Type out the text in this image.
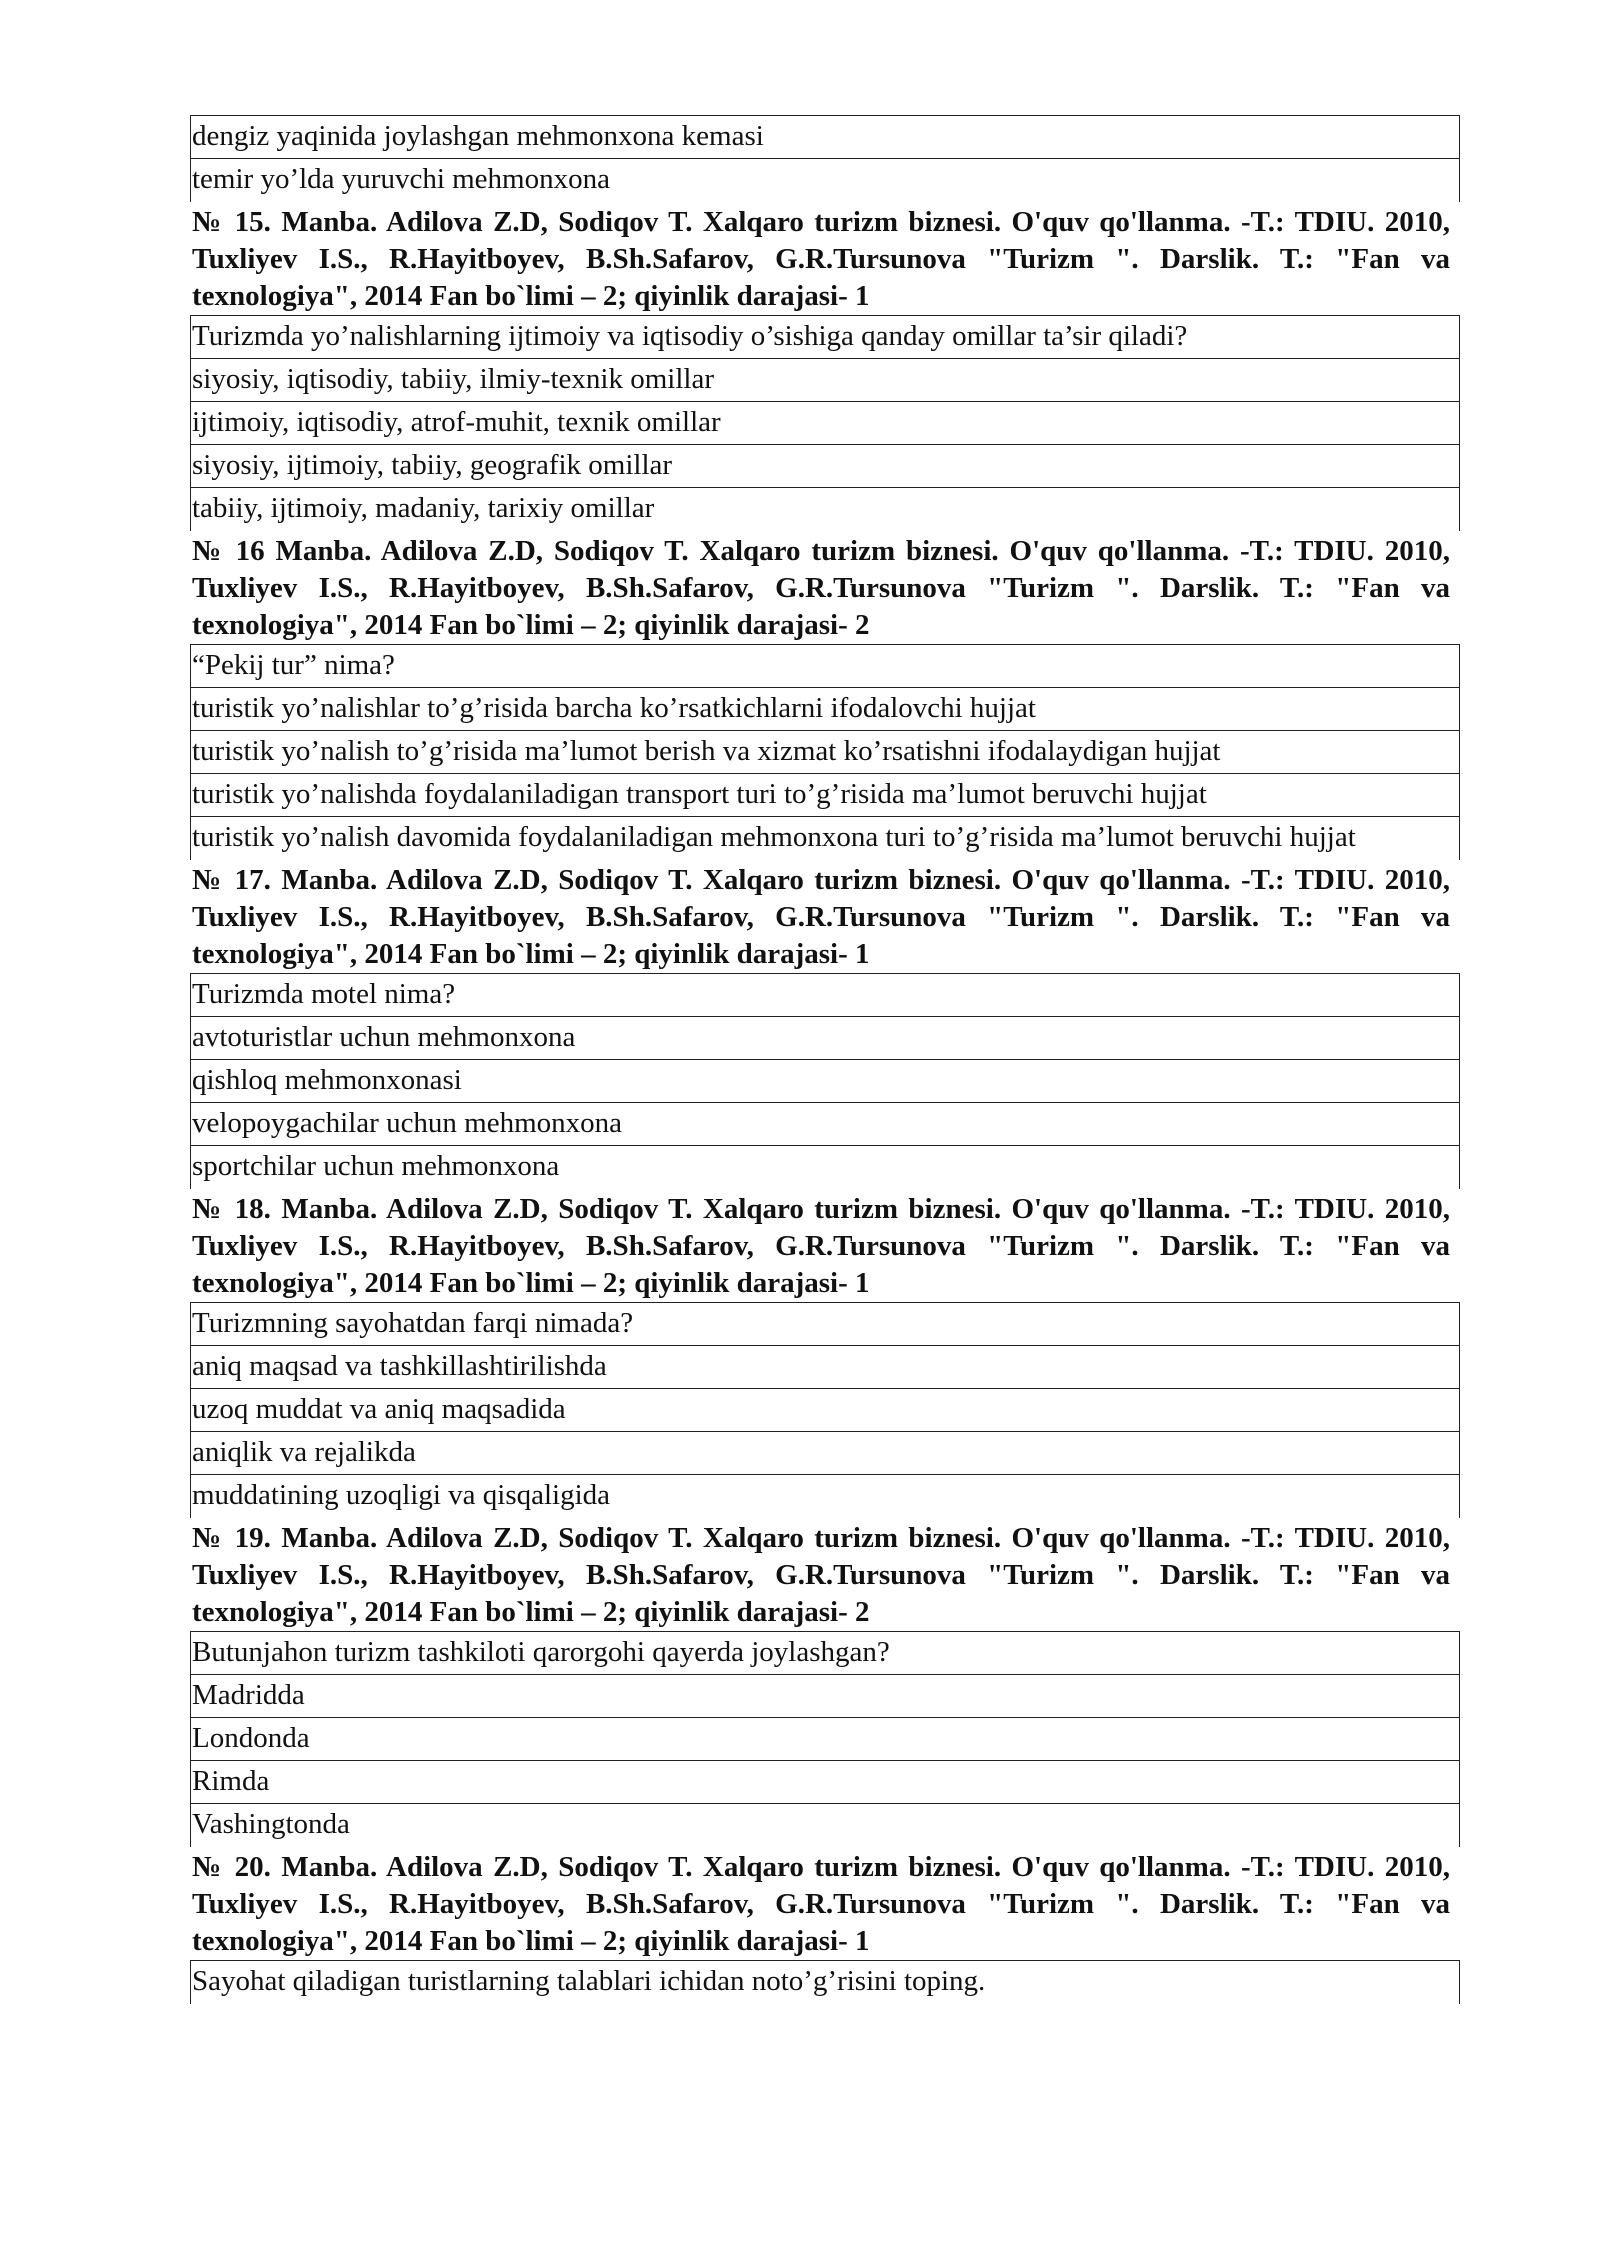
dengiz yaqinida joylashgan mehmonxona kemasi
temir yo’lda yuruvchi mehmonxona
№ 15. Manba. Adilova Z.D, Sodiqov T. Xalqaro turizm biznesi. O'quv qo'llanma. -T.: TDIU. 2010, Tuxliyev I.S., R.Hayitboyev, B.Sh.Safarov, G.R.Tursunova "Turizm ". Darslik. T.: "Fan va texnologiya", 2014 Fan bo`limi – 2; qiyinlik darajasi- 1
Turizmda yo’nalishlarning ijtimoiy va iqtisodiy o’sishiga qanday omillar ta’sir qiladi?
siyosiy, iqtisodiy, tabiiy, ilmiy-texnik omillar
ijtimoiy, iqtisodiy, atrof-muhit, texnik omillar
siyosiy, ijtimoiy, tabiiy, geografik omillar
tabiiy, ijtimoiy, madaniy, tarixiy omillar
№ 16 Manba. Adilova Z.D, Sodiqov T. Xalqaro turizm biznesi. O'quv qo'llanma. -T.: TDIU. 2010, Tuxliyev I.S., R.Hayitboyev, B.Sh.Safarov, G.R.Tursunova "Turizm ". Darslik. T.: "Fan va texnologiya", 2014 Fan bo`limi – 2; qiyinlik darajasi- 2
“Pekij tur” nima?
turistik yo’nalishlar to’g’risida barcha ko’rsatkichlarni ifodalovchi hujjat
turistik yo’nalish to’g’risida ma’lumot berish va xizmat ko’rsatishni ifodalaydigan hujjat
turistik yo’nalishda foydalaniladigan transport turi to’g’risida ma’lumot beruvchi hujjat
turistik yo’nalish davomida foydalaniladigan mehmonxona turi to’g’risida ma’lumot beruvchi hujjat
№ 17. Manba. Adilova Z.D, Sodiqov T. Xalqaro turizm biznesi. O'quv qo'llanma. -T.: TDIU. 2010, Tuxliyev I.S., R.Hayitboyev, B.Sh.Safarov, G.R.Tursunova "Turizm ". Darslik. T.: "Fan va texnologiya", 2014 Fan bo`limi – 2; qiyinlik darajasi- 1
Turizmda motel nima?
avtoturistlar uchun mehmonxona
qishloq mehmonxonasi
velopoygachilar uchun mehmonxona
sportchilar uchun mehmonxona
№ 18. Manba. Adilova Z.D, Sodiqov T. Xalqaro turizm biznesi. O'quv qo'llanma. -T.: TDIU. 2010, Tuxliyev I.S., R.Hayitboyev, B.Sh.Safarov, G.R.Tursunova "Turizm ". Darslik. T.: "Fan va texnologiya", 2014 Fan bo`limi – 2; qiyinlik darajasi- 1
Turizmning sayohatdan farqi nimada?
aniq maqsad va tashkillashtirilishda
uzoq muddat va aniq maqsadida
aniqlik va rejalikda
muddatining uzoqligi va qisqaligida
№ 19. Manba. Adilova Z.D, Sodiqov T. Xalqaro turizm biznesi. O'quv qo'llanma. -T.: TDIU. 2010, Tuxliyev I.S., R.Hayitboyev, B.Sh.Safarov, G.R.Tursunova "Turizm ". Darslik. T.: "Fan va texnologiya", 2014 Fan bo`limi – 2; qiyinlik darajasi- 2
Butunjahon turizm tashkiloti qarorgohi qayerda joylashgan?
Madridda
Londonda
Rimda
Vashingtonda
№ 20. Manba. Adilova Z.D, Sodiqov T. Xalqaro turizm biznesi. O'quv qo'llanma. -T.: TDIU. 2010, Tuxliyev I.S., R.Hayitboyev, B.Sh.Safarov, G.R.Tursunova "Turizm ". Darslik. T.: "Fan va texnologiya", 2014 Fan bo`limi – 2; qiyinlik darajasi- 1
Sayohat qiladigan turistlarning talablari ichidan noto’g’risini toping.
